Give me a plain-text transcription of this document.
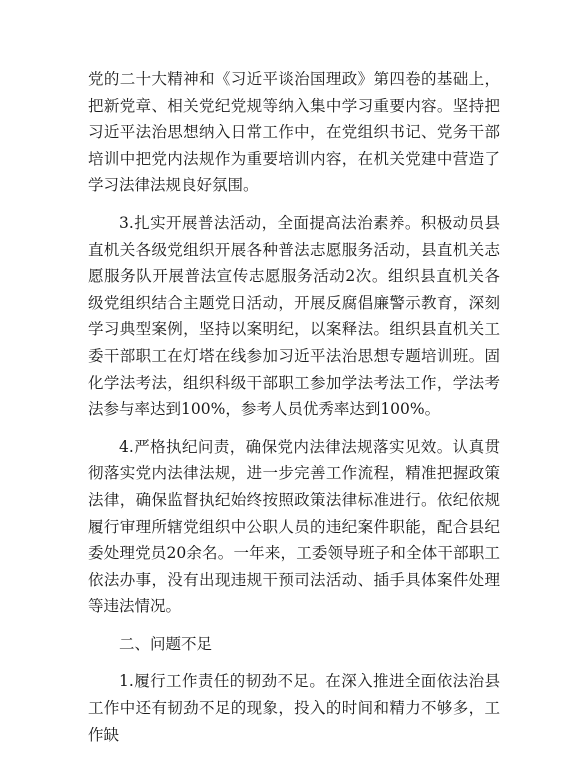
党的二十大精神和《习近平谈治国理政》第四卷的基础上，把新党章、相关党纪党规等纳入集中学习重要内容。坚持把习近平法治思想纳入日常工作中，在党组织书记、党务干部培训中把党内法规作为重要培训内容，在机关党建中营造了学习法律法规良好氛围。

3.扎实开展普法活动，全面提高法治素养。积极动员县直机关各级党组织开展各种普法志愿服务活动，县直机关志愿服务队开展普法宣传志愿服务活动2次。组织县直机关各级党组织结合主题党日活动，开展反腐倡廉警示教育，深刻学习典型案例，坚持以案明纪，以案释法。组织县直机关工委干部职工在灯塔在线参加习近平法治思想专题培训班。固化学法考法，组织科级干部职工参加学法考法工作，学法考法参与率达到100%，参考人员优秀率达到100%。

4.严格执纪问责，确保党内法律法规落实见效。认真贯彻落实党内法律法规，进一步完善工作流程，精准把握政策法律，确保监督执纪始终按照政策法律标准进行。依纪依规履行审理所辖党组织中公职人员的违纪案件职能，配合县纪委处理党员20余名。一年来，工委领导班子和全体干部职工依法办事，没有出现违规干预司法活动、插手具体案件处理等违法情况。

二、问题不足

1.履行工作责任的韧劲不足。在深入推进全面依法治县工作中还有韧劲不足的现象，投入的时间和精力不够多，工作缺
